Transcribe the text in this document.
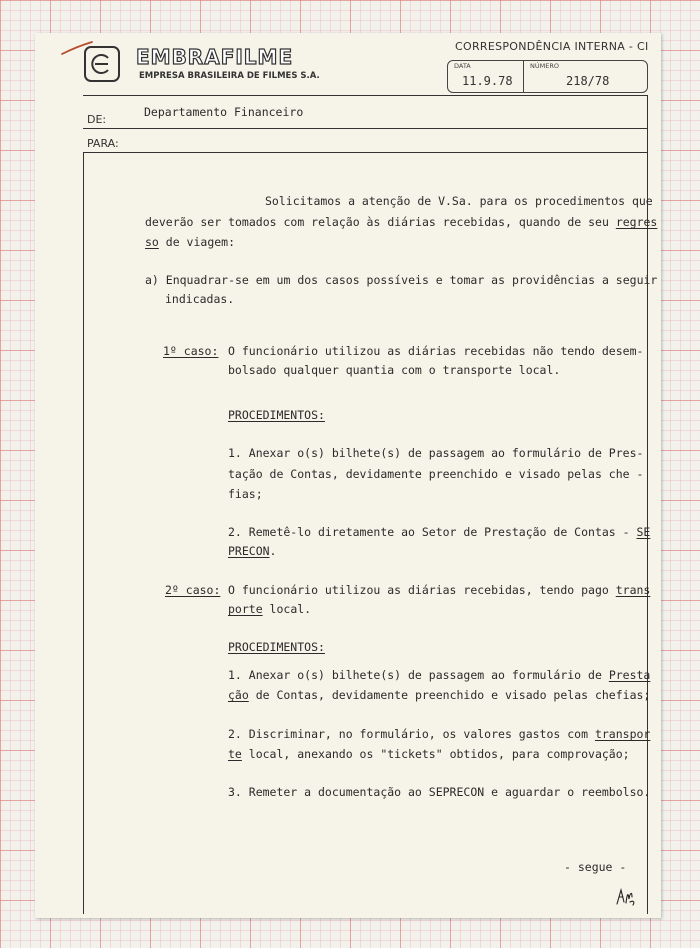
EMBRAFILME
EMPRESA BRASILEIRA DE FILMES S.A.
CORRESPONDÊNCIA INTERNA - CI
DATA	NÚMERO
11.9.78	218/78
DE:
Departamento Financeiro
PARA:
Solicitamos a atenção de V.Sa. para os procedimentos que
deverão ser tomados com relação às diárias recebidas, quando de seu regres
so de viagem:
a) Enquadrar-se em um dos casos possíveis e tomar as providências a seguir
indicadas.
1º caso: O funcionário utilizou as diárias recebidas não tendo desem-
bolsado qualquer quantia com o transporte local.
PROCEDIMENTOS:
1. Anexar o(s) bilhete(s) de passagem ao formulário de Pres-
tação de Contas, devidamente preenchido e visado pelas che -
fias;
2. Remetê-lo diretamente ao Setor de Prestação de Contas - SE
PRECON.
2º caso: O funcionário utilizou as diárias recebidas, tendo pago trans
porte local.
PROCEDIMENTOS:
1. Anexar o(s) bilhete(s) de passagem ao formulário de Presta
ção de Contas, devidamente preenchido e visado pelas chefias;
2. Discriminar, no formulário, os valores gastos com transpor
te local, anexando os "tickets" obtidos, para comprovação;
3. Remeter a documentação ao SEPRECON e aguardar o reembolso.
- segue -
